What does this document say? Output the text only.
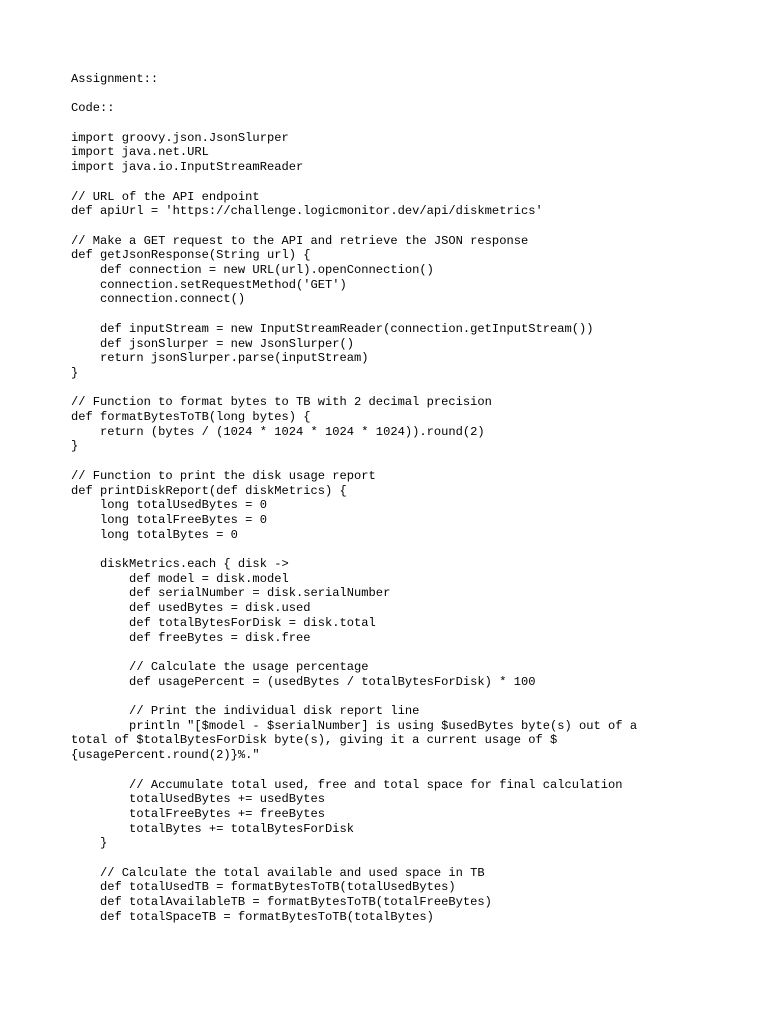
Assignment::
Code::
import groovy.json.JsonSlurper
import java.net.URL
import java.io.InputStreamReader
// URL of the API endpoint
def apiUrl = 'https://challenge.logicmonitor.dev/api/diskmetrics'
// Make a GET request to the API and retrieve the JSON response
def getJsonResponse(String url) {
def connection = new URL(url).openConnection()
connection.setRequestMethod('GET')
connection.connect()
def inputStream = new InputStreamReader(connection.getInputStream())
def jsonSlurper = new JsonSlurper()
return jsonSlurper.parse(inputStream)
}
// Function to format bytes to TB with 2 decimal precision
def formatBytesToTB(long bytes) {
return (bytes / (1024 * 1024 * 1024 * 1024)).round(2)
}
// Function to print the disk usage report
def printDiskReport(def diskMetrics) {
long totalUsedBytes = 0
long totalFreeBytes = 0
long totalBytes = 0
diskMetrics.each { disk ->
def model = disk.model
def serialNumber = disk.serialNumber
def usedBytes = disk.used
def totalBytesForDisk = disk.total
def freeBytes = disk.free
// Calculate the usage percentage
def usagePercent = (usedBytes / totalBytesForDisk) * 100
// Print the individual disk report line
println "[$model - $serialNumber] is using $usedBytes byte(s) out of a
total of $totalBytesForDisk byte(s), giving it a current usage of $
{usagePercent.round(2)}%."
// Accumulate total used, free and total space for final calculation
totalUsedBytes += usedBytes
totalFreeBytes += freeBytes
totalBytes += totalBytesForDisk
}
// Calculate the total available and used space in TB
def totalUsedTB = formatBytesToTB(totalUsedBytes)
def totalAvailableTB = formatBytesToTB(totalFreeBytes)
def totalSpaceTB = formatBytesToTB(totalBytes)
